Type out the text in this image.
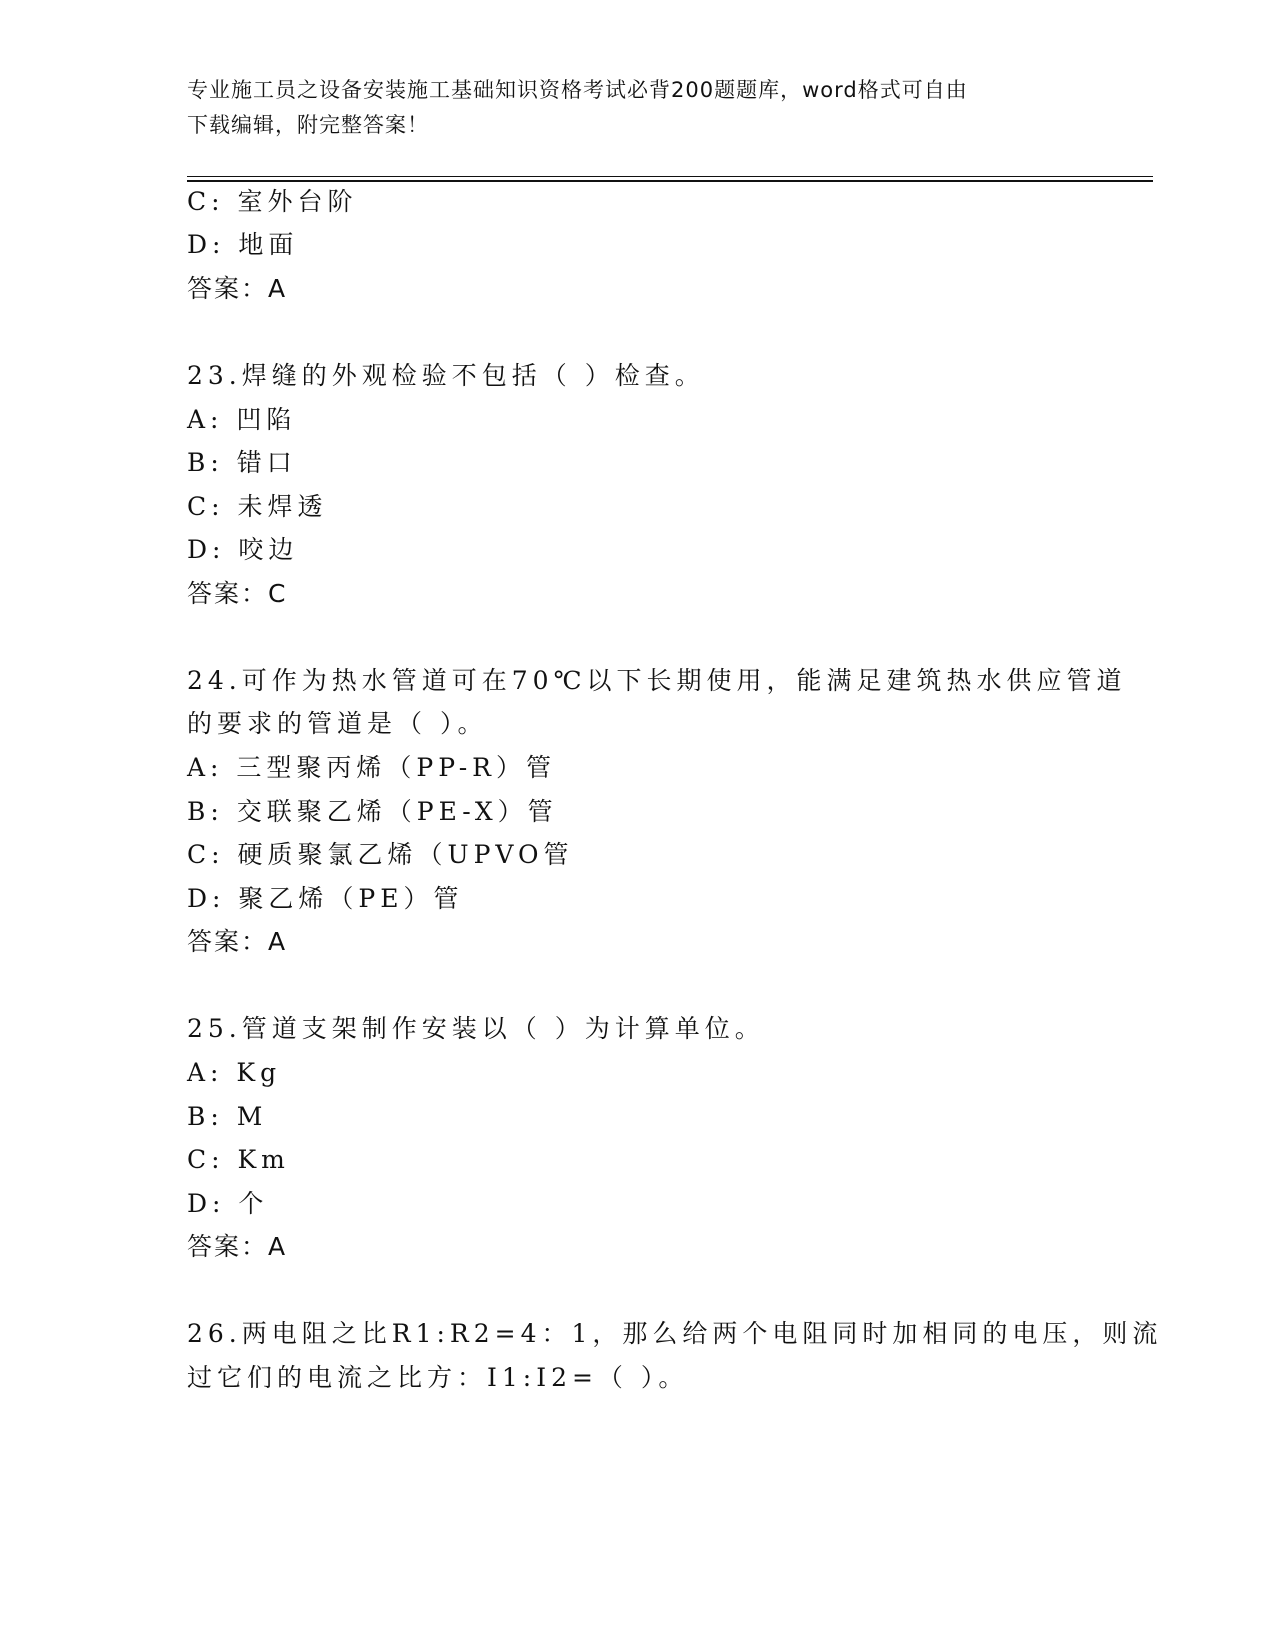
专业施工员之设备安装施工基础知识资格考试必背200题题库，word格式可自由
下载编辑，附完整答案！
C: 室外台阶
D: 地面
答案：A
23.焊缝的外观检验不包括（ ）检查。
A: 凹陷
B: 错口
C: 未焊透
D: 咬边
答案：C
24.可作为热水管道可在70℃以下长期使用，能满足建筑热水供应管道
的要求的管道是（ ）。
A: 三型聚丙烯（PP-R）管
B: 交联聚乙烯（PE-X）管
C: 硬质聚氯乙烯（UPVO管
D: 聚乙烯（PE）管
答案：A
25.管道支架制作安装以（ ）为计算单位。
A: Kg
B: M
C: Km
D: 个
答案：A
26.两电阻之比R1:R2=4：1，那么给两个电阻同时加相同的电压，则流
过它们的电流之比方：I1:I2=（ ）。
